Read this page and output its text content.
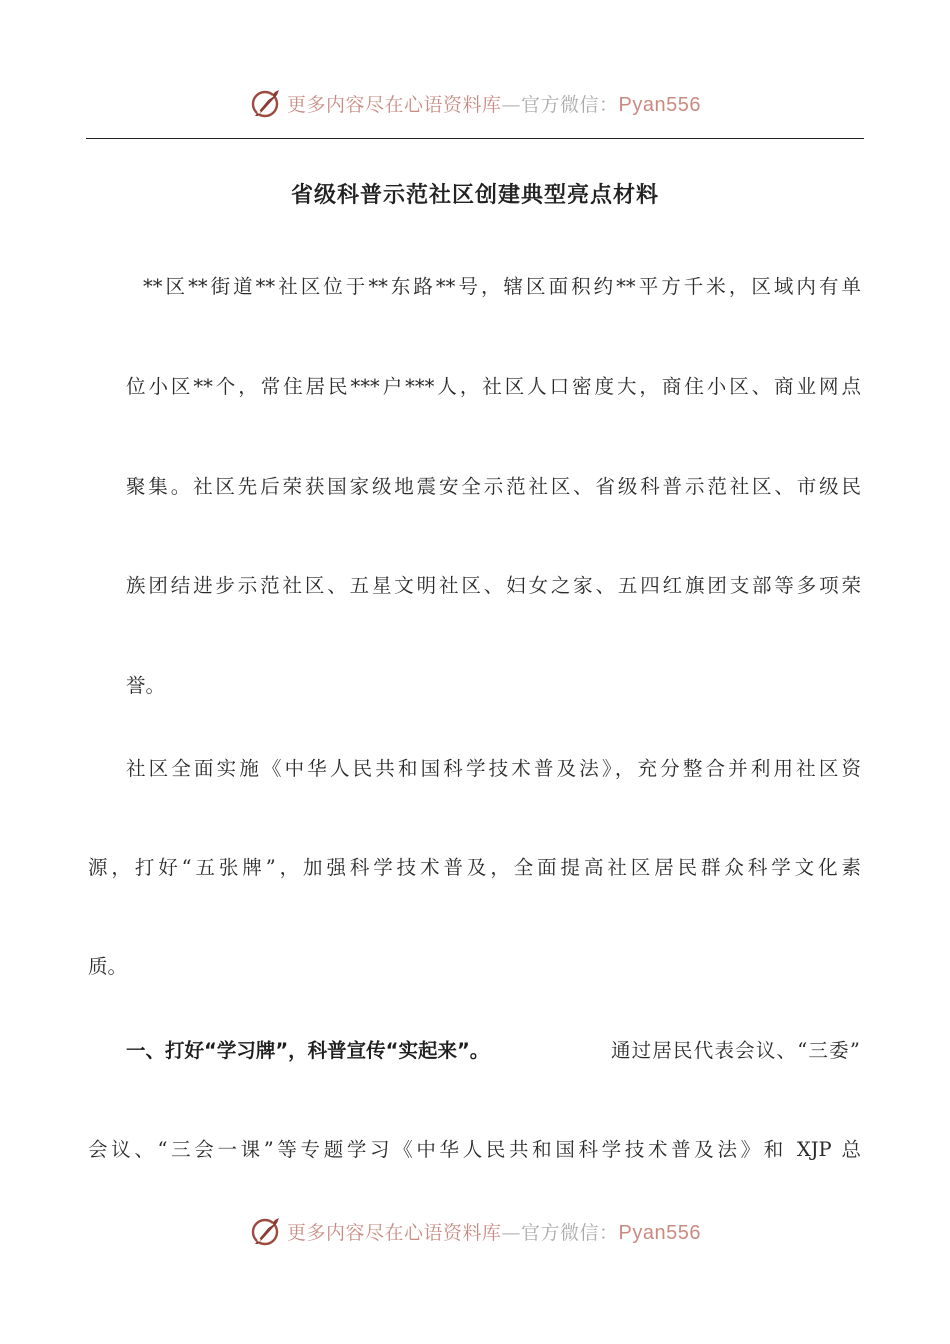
更多内容尽在心语资料库—官方微信：Pyan556
省级科普示范社区创建典型亮点材料
**区**街道**社区位于**东路**号，辖区面积约**平方千米，区域内有单
位小区**个，常住居民***户***人，社区人口密度大，商住小区、商业网点
聚集。社区先后荣获国家级地震安全示范社区、省级科普示范社区、市级民
族团结进步示范社区、五星文明社区、妇女之家、五四红旗团支部等多项荣
誉。
社区全面实施《中华人民共和国科学技术普及法》，充分整合并利用社区资
源，打好“五张牌”，加强科学技术普及，全面提高社区居民群众科学文化素
质。
一、打好“学习牌”，科普宣传“实起来”。	通过居民代表会议、“三委”
会议、“三会一课”等专题学习《中华人民共和国科学技术普及法》和 XJP 总
更多内容尽在心语资料库—官方微信：Pyan556
